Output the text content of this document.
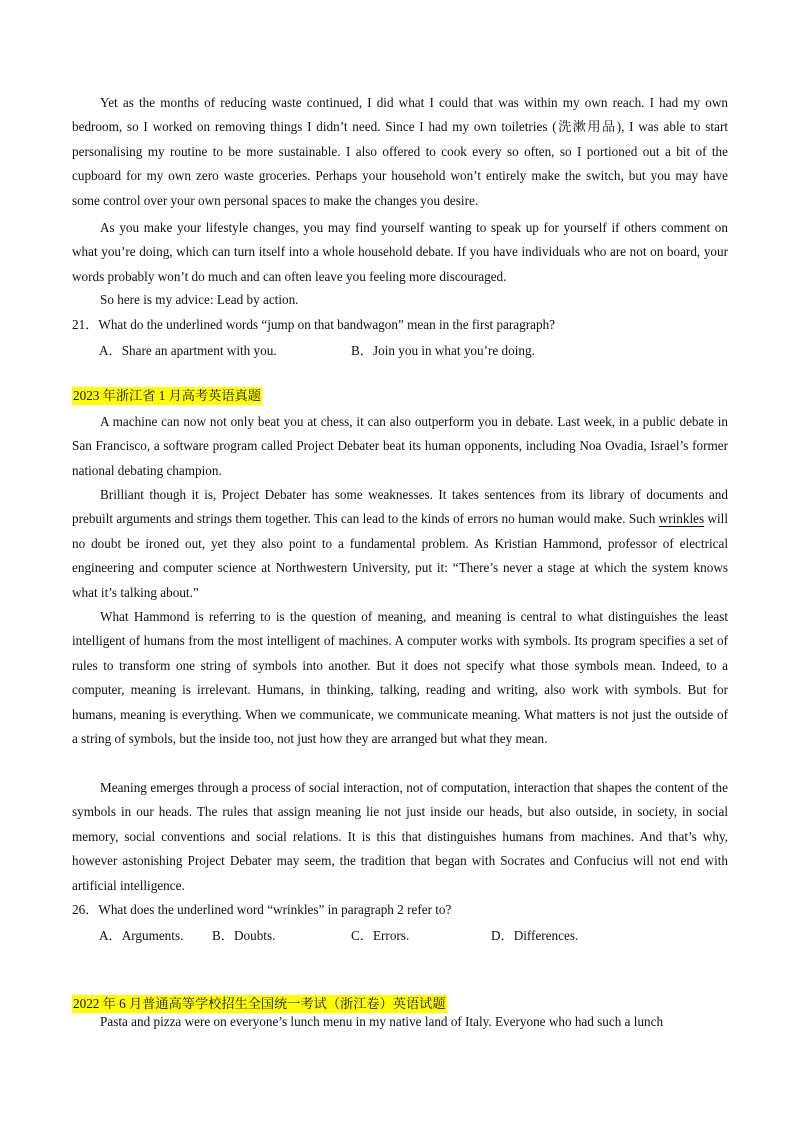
Yet as the months of reducing waste continued, I did what I could that was within my own reach. I had my own bedroom, so I worked on removing things I didn’t need. Since I had my own toiletries (洗漱用品), I was able to start personalising my routine to be more sustainable. I also offered to cook every so often, so I portioned out a bit of the cupboard for my own zero waste groceries. Perhaps your household won’t entirely make the switch, but you may have some control over your own personal spaces to make the changes you desire.

As you make your lifestyle changes, you may find yourself wanting to speak up for yourself if others comment on what you’re doing, which can turn itself into a whole household debate. If you have individuals who are not on board, your words probably won’t do much and can often leave you feeling more discouraged.

So here is my advice: Lead by action.

21．What do the underlined words “jump on that bandwagon” mean in the first paragraph?

A．Share an apartment with you.	B．Join you in what you’re doing.
2023 年浙江省 1 月高考英语真题

A machine can now not only beat you at chess, it can also outperform you in debate. Last week, in a public debate in San Francisco, a software program called Project Debater beat its human opponents, including Noa Ovadia, Israel’s former national debating champion.

Brilliant though it is, Project Debater has some weaknesses. It takes sentences from its library of documents and prebuilt arguments and strings them together. This can lead to the kinds of errors no human would make. Such wrinkles will no doubt be ironed out, yet they also point to a fundamental problem. As Kristian Hammond, professor of electrical engineering and computer science at Northwestern University, put it: “There’s never a stage at which the system knows what it’s talking about.”

What Hammond is referring to is the question of meaning, and meaning is central to what distinguishes the least intelligent of humans from the most intelligent of machines. A computer works with symbols. Its program specifies a set of rules to transform one string of symbols into another. But it does not specify what those symbols mean. Indeed, to a computer, meaning is irrelevant. Humans, in thinking, talking, reading and writing, also work with symbols. But for humans, meaning is everything. When we communicate, we communicate meaning. What matters is not just the outside of a string of symbols, but the inside too, not just how they are arranged but what they mean.

Meaning emerges through a process of social interaction, not of computation, interaction that shapes the content of the symbols in our heads. The rules that assign meaning lie not just inside our heads, but also outside, in society, in social memory, social conventions and social relations. It is this that distinguishes humans from machines. And that’s why, however astonishing Project Debater may seem, the tradition that began with Socrates and Confucius will not end with artificial intelligence.

26．What does the underlined word “wrinkles” in paragraph 2 refer to?

A．Arguments. B．Doubts.	C．Errors.	D．Differences.
2022 年 6 月普通高等学校招生全国统一考试（浙江卷）英语试题

Pasta and pizza were on everyone’s lunch menu in my native land of Italy. Everyone who had such a lunch
